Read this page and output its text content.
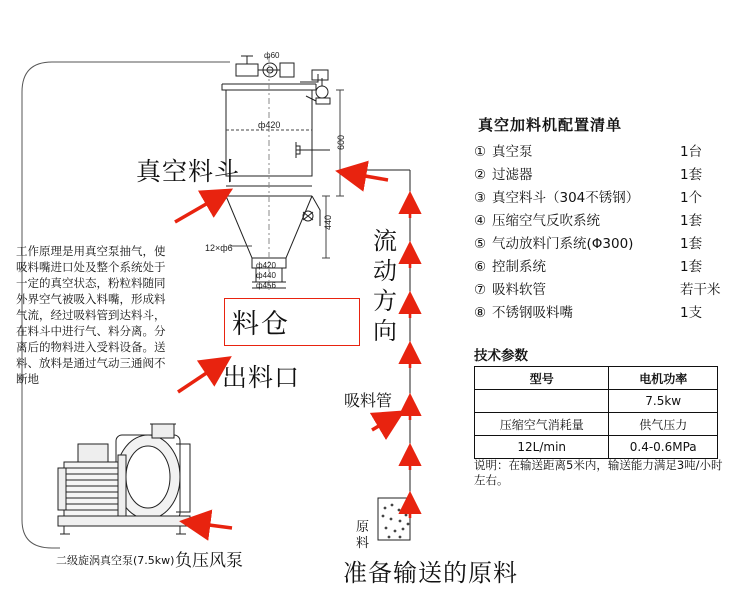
ф60
ф420
ф420
ф440
ф456
600
440
工作原理是用真空泵抽气，使吸料嘴进口处及整个系统处于一定的真空状态，粉粒料随同外界空气被吸入料嘴，形成料气流，经过吸料管到达料斗，在料斗中进行气、料分离。分离后的物料进入受料设备。送料、放料是通过气动三通阀不断地
真空料斗
料仓
出料口
流动方向
吸料管
原料
准备输送的原料
二级旋涡真空泵(7.5kw) 负压风泵
12×ф6
真空加料机配置清单
① 真空泵	1台
② 过滤器	1套
③ 真空料斗（304不锈钢）	1个
④ 压缩空气反吹系统	1套
⑤ 气动放料门系统(Φ300)	1套
⑥ 控制系统	1套
⑦ 吸料软管	若干米
⑧ 不锈钢吸料嘴	1支
技术参数
型号	电机功率
	7.5kw
压缩空气消耗量	供气压力
12L/min	0.4-0.6MPa
说明：在输送距离5米内，输送能力满足3吨/小时左右。
